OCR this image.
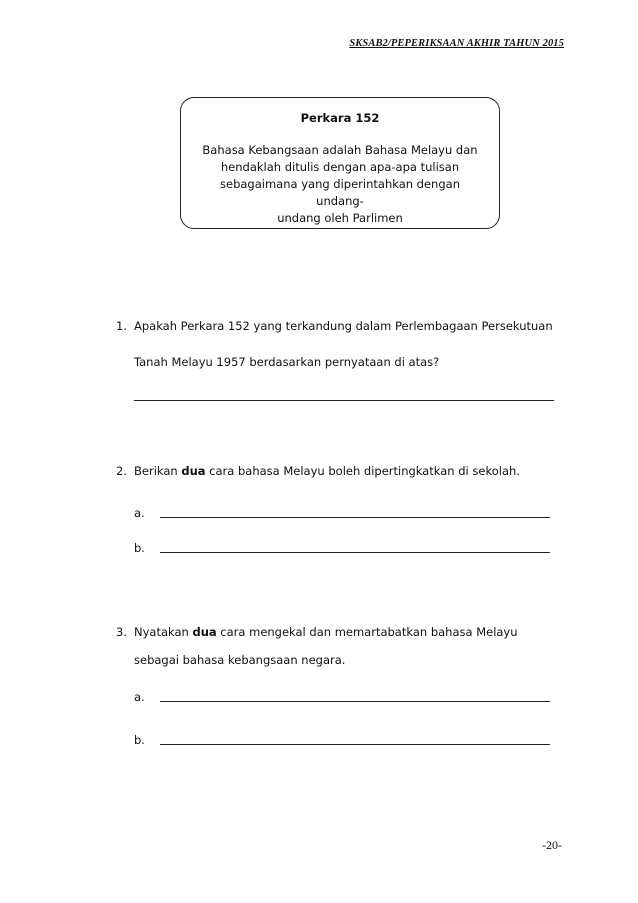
SKSAB2/PEPERIKSAAN AKHIR TAHUN 2015
Perkara 152
Bahasa Kebangsaan adalah Bahasa Melayu dan
hendaklah ditulis dengan apa-apa tulisan
sebagaimana yang diperintahkan dengan undang-
undang oleh Parlimen
1. Apakah Perkara 152 yang terkandung dalam Perlembagaan Persekutuan
Tanah Melayu 1957 berdasarkan pernyataan di atas?
2. Berikan dua cara bahasa Melayu boleh dipertingkatkan di sekolah.
a.
b.
3. Nyatakan dua cara mengekal dan memartabatkan bahasa Melayu
sebagai bahasa kebangsaan negara.
a.
b.
-20-
